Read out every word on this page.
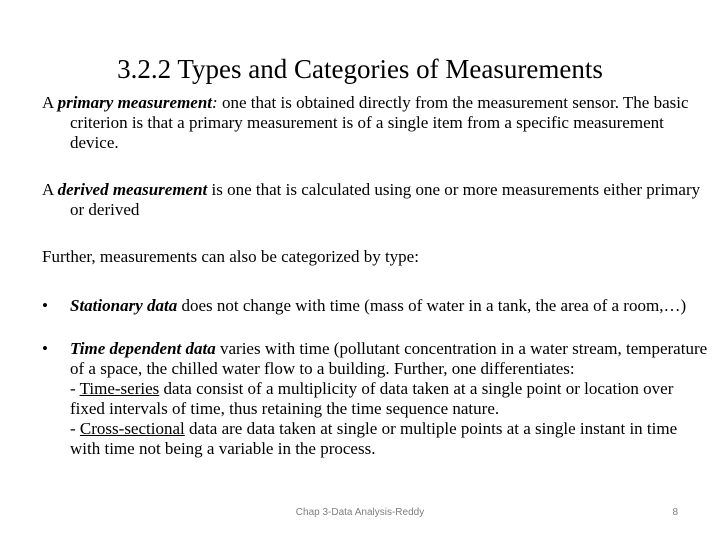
3.2.2 Types and Categories of Measurements

A primary measurement: one that is obtained directly from the measurement sensor. The basic criterion is that a primary measurement is of a single item from a specific measurement device.

A derived measurement is one that is calculated using one or more measurements either primary or derived

Further, measurements can also be categorized by type:

•	Stationary data does not change with time (mass of water in a tank, the area of a room,…)
•	Time dependent data varies with time (pollutant concentration in a water stream, temperature of a space, the chilled water flow to a building. Further, one differentiates:
- Time-series data consist of a multiplicity of data taken at a single point or location over fixed intervals of time, thus retaining the time sequence nature.
- Cross-sectional data are data taken at single or multiple points at a single instant in time with time not being a variable in the process.
Chap 3-Data Analysis-Reddy	8
